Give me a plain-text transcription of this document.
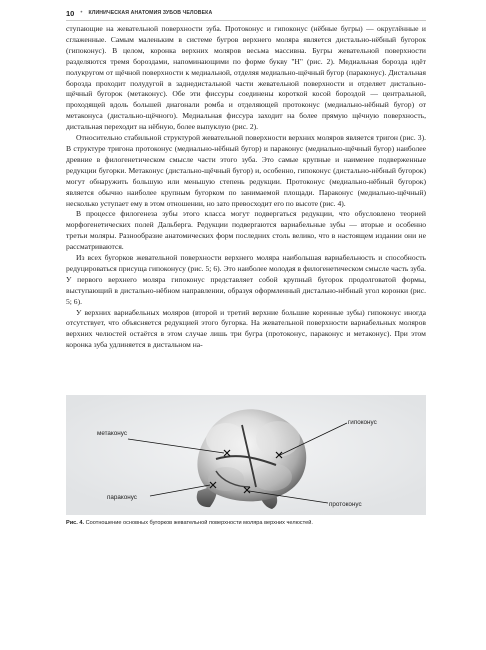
10 • КЛИНИЧЕСКАЯ АНАТОМИЯ ЗУБОВ ЧЕЛОВЕКА

ступающие на жевательной поверхности зуба. Протоконус и гипоконус (нёбные бугры) — округлённые и сглаженные. Самым маленьким в системе бугров верхнего моляра является дистально-нёбный бугорок (гипоконус). В целом, коронка верхних моляров весьма массивна. Бугры жевательной поверхности разделяются тремя бороздами, напоминающими по форме букву "Н" (рис. 2). Медиальная борозда идёт полукругом от щёчной поверхности к медиальной, отделяя медиально-щёчный бугор (параконус). Дистальная борозда проходит полудугой в заднедистальной части жевательной поверхности и отделяет дистально-щёчный бугорок (метаконус). Обе эти фиссуры соединены короткой косой бороздой — центральной, проходящей вдоль большей диагонали ромба и отделяющей протоконус (медиально-нёбный бугор) от метаконуса (дистально-щёчного). Медиальная фиссура заходит на более прямую щёчную поверхность, дистальная переходит на нёбную, более выпуклую (рис. 2).

Относительно стабильной структурой жевательной поверхности верхних моляров является тригон (рис. 3). В структуре тригона протоконус (медиально-нёбный бугор) и параконус (медиально-щёчный бугор) наиболее древние в филогенетическом смысле части этого зуба. Это самые крупные и наименее подверженные редукции бугорки. Метаконус (дистально-щёчный бугор) и, особенно, гипоконус (дистально-нёбный бугорок) могут обнаружить большую или меньшую степень редукции. Протоконус (медиально-нёбный бугорок) является обычно наиболее крупным бугорком по занимаемой площади. Параконус (медиально-щёчный) несколько уступает ему в этом отношении, но зато превосходит его по высоте (рис. 4).

В процессе филогенеза зубы этого класса могут подвергаться редукции, что обусловлено теорией морфогенетических полей Дальберга. Редукции подвергаются вариабельные зубы — вторые и особенно третьи моляры. Разнообразие анатомических форм последних столь велико, что в настоящем издании они не рассматриваются.

Из всех бугорков жевательной поверхности верхнего моляра наибольшая вариабельность и способность редуцироваться присуща гипоконусу (рис. 5; 6). Это наиболее молодая в филогенетическом смысле часть зуба. У первого верхнего моляра гипоконус представляет собой крупный бугорок продолговатой формы, выступающий в дистально-нёбном направлении, образуя оформленный дистально-нёбный угол коронки (рис. 5; 6).

У верхних вариабельных моляров (второй и третий верхние большие коренные зубы) гипоконус иногда отсутствует, что объясняется редукцией этого бугорка. На жевательной поверхности вариабельных моляров верхних челюстей остаётся в этом случае лишь три бугра (протоконус, параконус и метаконус). При этом коронка зуба удлиняется в дистальном на-

метаконус
гипоконус
параконус
протоконус
Рис. 4. Соотношение основных бугорков жевательной поверхности моляра верхних челюстей.
